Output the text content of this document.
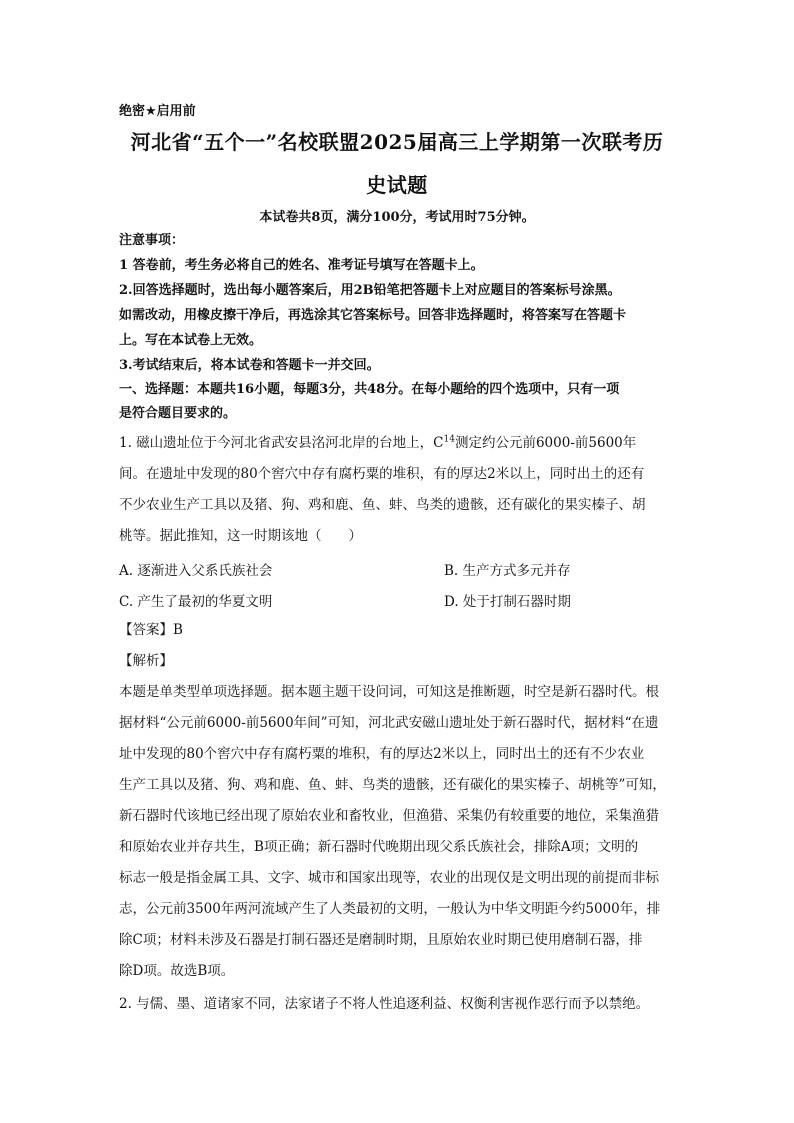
绝密★启用前
河北省“五个一”名校联盟2025届高三上学期第一次联考历
史试题
本试卷共8页，满分100分，考试用时75分钟。
注意事项：
1 答卷前，考生务必将自己的姓名、准考证号填写在答题卡上。
2.回答选择题时，选出每小题答案后，用2B铅笔把答题卡上对应题目的答案标号涂黑。
如需改动，用橡皮擦干净后，再选涂其它答案标号。回答非选择题时，将答案写在答题卡
上。写在本试卷上无效。
3.考试结束后，将本试卷和答题卡一并交回。
一、选择题：本题共16小题，每题3分，共48分。在每小题给的四个选项中，只有一项
是符合题目要求的。
1. 磁山遗址位于今河北省武安县洺河北岸的台地上，$C^{14}$测定约公元前6000-前5600年
间。在遗址中发现的80个窖穴中存有腐朽粟的堆积，有的厚达2米以上，同时出土的还有
不少农业生产工具以及猪、狗、鸡和鹿、鱼、蚌、鸟类的遗骸，还有碳化的果实榛子、胡
桃等。据此推知，这一时期该地（　　）
A. 逐渐进入父系氏族社会	B. 生产方式多元并存
C. 产生了最初的华夏文明	D. 处于打制石器时期
【答案】B
【解析】
本题是单类型单项选择题。据本题主题干设问词，可知这是推断题，时空是新石器时代。根
据材料“公元前6000-前5600年间”可知，河北武安磁山遗址处于新石器时代，据材料“在遗
址中发现的80个窖穴中存有腐朽粟的堆积，有的厚达2米以上，同时出土的还有不少农业
生产工具以及猪、狗、鸡和鹿、鱼、蚌、鸟类的遗骸，还有碳化的果实榛子、胡桃等”可知，
新石器时代该地已经出现了原始农业和畜牧业，但渔猎、采集仍有较重要的地位，采集渔猎
和原始农业并存共生，B项正确；新石器时代晚期出现父系氏族社会，排除A项；文明的
标志一般是指金属工具、文字、城市和国家出现等，农业的出现仅是文明出现的前提而非标
志，公元前3500年两河流域产生了人类最初的文明，一般认为中华文明距今约5000年，排
除C项；材料未涉及石器是打制石器还是磨制时期，且原始农业时期已使用磨制石器，排
除D项。故选B项。
2. 与儒、墨、道诸家不同，法家诸子不将人性追逐利益、权衡利害视作恶行而予以禁绝。
